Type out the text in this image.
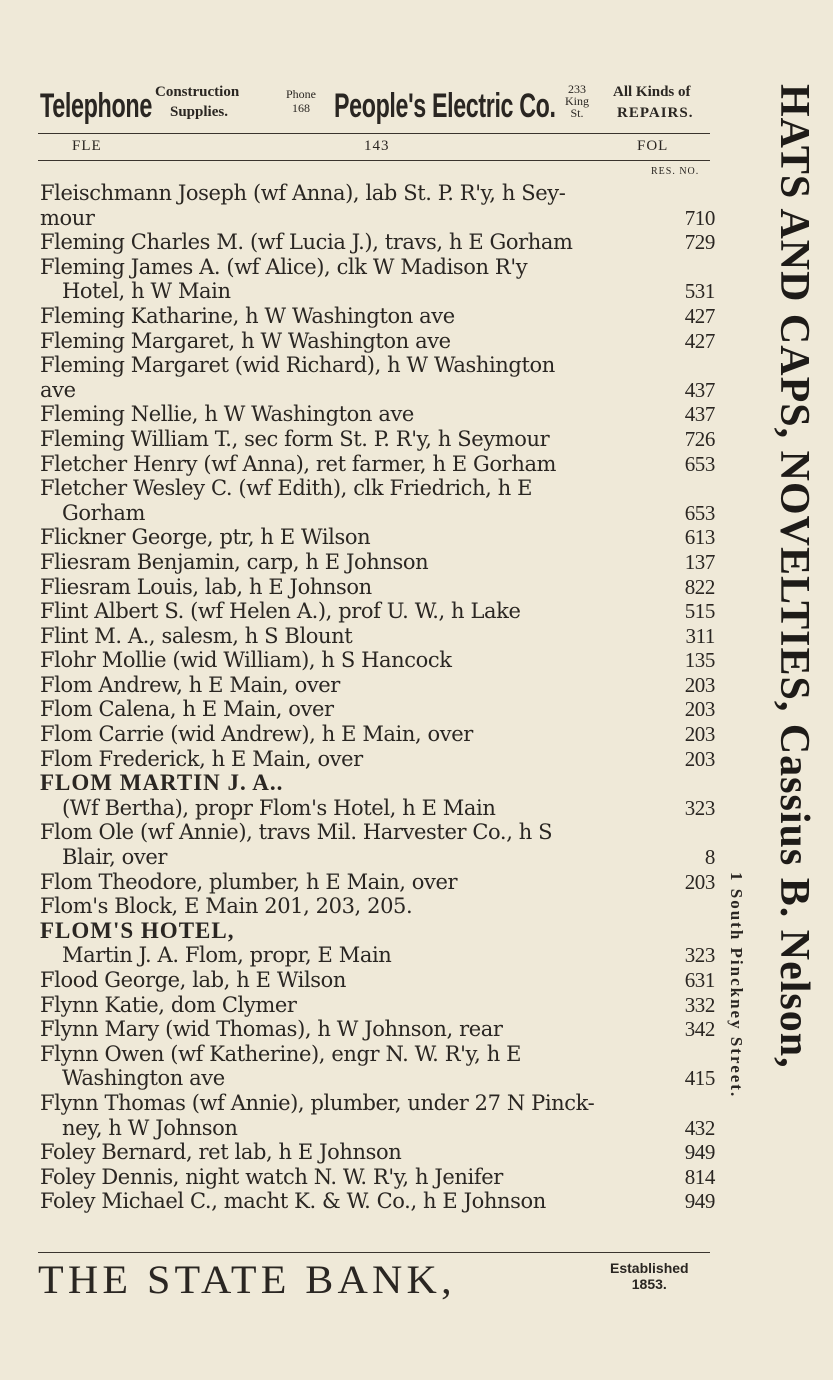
Telephone Construction
Supplies.
Phone
168 People's Electric Co.	233
King
St.
All Kinds of
REPAIRS.
FLE	143	FOL
RES. NO.
Fleischmann Joseph (wf Anna), lab St. P. R'y, h Sey-
mour	710
Fleming Charles M. (wf Lucia J.), travs, h E Gorham	729
Fleming James A. (wf Alice), clk W Madison R'y
Hotel, h W Main	531
Fleming Katharine, h W Washington ave	427
Fleming Margaret, h W Washington ave	427
Fleming Margaret (wid Richard), h W Washington
ave	437
Fleming Nellie, h W Washington ave	437
Fleming William T., sec form St. P. R'y, h Seymour	726
Fletcher Henry (wf Anna), ret farmer, h E Gorham	653
Fletcher Wesley C. (wf Edith), clk Friedrich, h E
Gorham	653
Flickner George, ptr, h E Wilson	613
Fliesram Benjamin, carp, h E Johnson	137
Fliesram Louis, lab, h E Johnson	822
Flint Albert S. (wf Helen A.), prof U. W., h Lake	515
Flint M. A., salesm, h S Blount	311
Flohr Mollie (wid William), h S Hancock	135
Flom Andrew, h E Main, over	203
Flom Calena, h E Main, over	203
Flom Carrie (wid Andrew), h E Main, over	203
Flom Frederick, h E Main, over	203
FLOM MARTIN J. A..
(Wf Bertha), propr Flom's Hotel, h E Main	323
Flom Ole (wf Annie), travs Mil. Harvester Co., h S
Blair, over	8
Flom Theodore, plumber, h E Main, over	203
Flom's Block, E Main 201, 203, 205.
FLOM'S HOTEL,
Martin J. A. Flom, propr, E Main	323
Flood George, lab, h E Wilson	631
Flynn Katie, dom Clymer	332
Flynn Mary (wid Thomas), h W Johnson, rear	342
Flynn Owen (wf Katherine), engr N. W. R'y, h E
Washington ave	415
Flynn Thomas (wf Annie), plumber, under 27 N Pinck-
ney, h W Johnson	432
Foley Bernard, ret lab, h E Johnson	949
Foley Dennis, night watch N. W. R'y, h Jenifer	814
Foley Michael C., macht K. & W. Co., h E Johnson	949
THE STATE BANK,	Established
1853.
HATS AND CAPS, NOVELTIES, Cassius B. Nelson,
1 South Pinckney Street.
